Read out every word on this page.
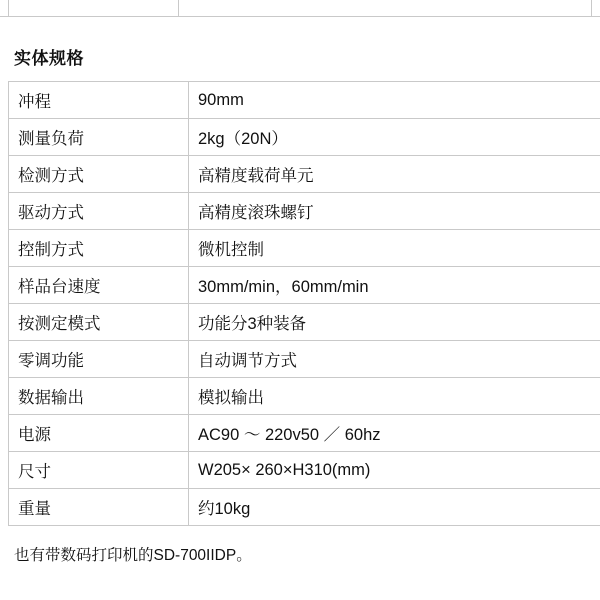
实体规格
冲程	90mm
测量负荷	2kg（20N）
检测方式	高精度载荷单元
驱动方式	高精度滚珠螺钉
控制方式	微机控制
样品台速度	30mm/min，60mm/min
按测定模式	功能分3种装备
零调功能	自动调节方式
数据输出	模拟输出
电源	AC90 ～ 220v50 ／ 60hz
尺寸	W205× 260×H310(mm)
重量	约10kg
也有带数码打印机的SD-700IIDP。
